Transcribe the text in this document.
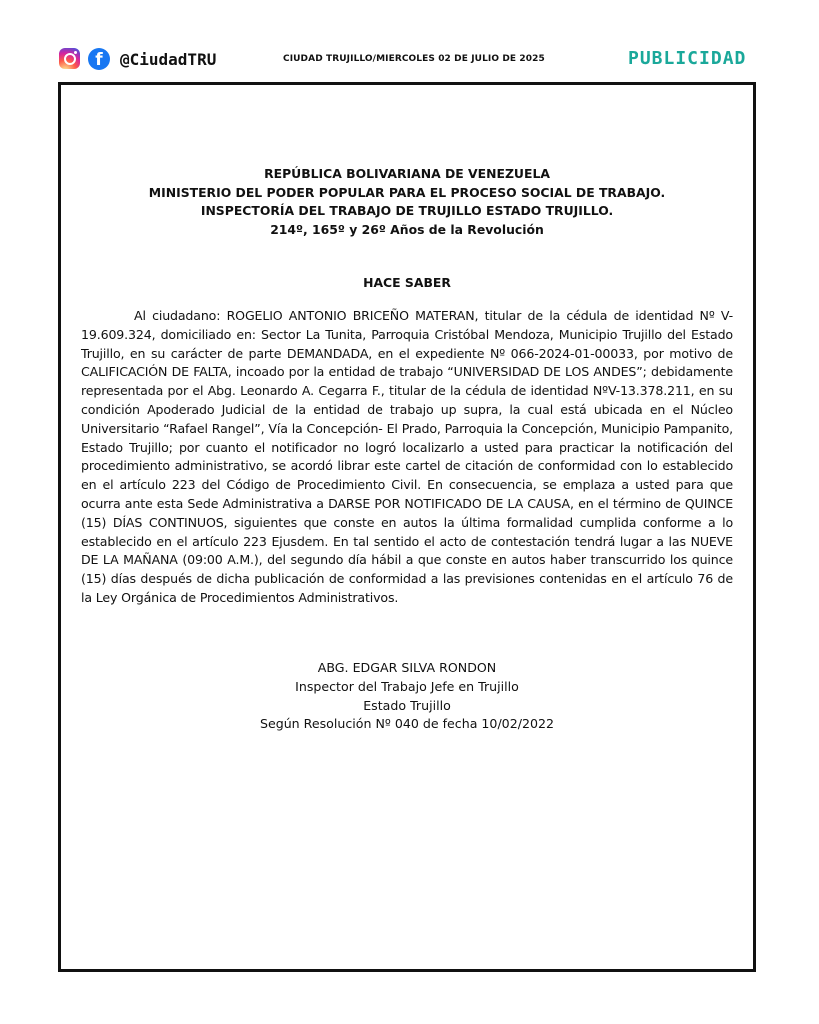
f	@CiudadTRU	CIUDAD TRUJILLO/MIERCOLES 02 DE JULIO DE 2025	PUBLICIDAD
REPÚBLICA BOLIVARIANA DE VENEZUELA
MINISTERIO DEL PODER POPULAR PARA EL PROCESO SOCIAL DE TRABAJO.
INSPECTORÍA DEL TRABAJO DE TRUJILLO ESTADO TRUJILLO.
214º, 165º y 26º Años de la Revolución
HACE SABER

Al ciudadano: ROGELIO ANTONIO BRICEÑO MATERAN, titular de la cédula de identidad Nº V-19.609.324, domiciliado en: Sector La Tunita, Parroquia Cristóbal Mendoza, Municipio Trujillo del Estado Trujillo, en su carácter de parte DEMANDADA, en el expediente Nº 066-2024-01-00033, por motivo de CALIFICACIÓN DE FALTA, incoado por la entidad de trabajo “UNIVERSIDAD DE LOS ANDES”; debidamente representada por el Abg. Leonardo A. Cegarra F., titular de la cédula de identidad NºV-13.378.211, en su condición Apoderado Judicial de la entidad de trabajo up supra, la cual está ubicada en el Núcleo Universitario “Rafael Rangel”, Vía la Concepción- El Prado, Parroquia la Concepción, Municipio Pampanito, Estado Trujillo; por cuanto el notificador no logró localizarlo a usted para practicar la notificación del procedimiento administrativo, se acordó librar este cartel de citación de conformidad con lo establecido en el artículo 223 del Código de Procedimiento Civil. En consecuencia, se emplaza a usted para que ocurra ante esta Sede Administrativa a DARSE POR NOTIFICADO DE LA CAUSA, en el término de QUINCE (15) DÍAS CONTINUOS, siguientes que conste en autos la última formalidad cumplida conforme a lo establecido en el artículo 223 Ejusdem. En tal sentido el acto de contestación tendrá lugar a las NUEVE DE LA MAÑANA (09:00 A.M.), del segundo día hábil a que conste en autos haber transcurrido los quince (15) días después de dicha publicación de conformidad a las previsiones contenidas en el artículo 76 de la Ley Orgánica de Procedimientos Administrativos.

ABG. EDGAR SILVA RONDON
Inspector del Trabajo Jefe en Trujillo
Estado Trujillo
Según Resolución Nº 040 de fecha 10/02/2022
